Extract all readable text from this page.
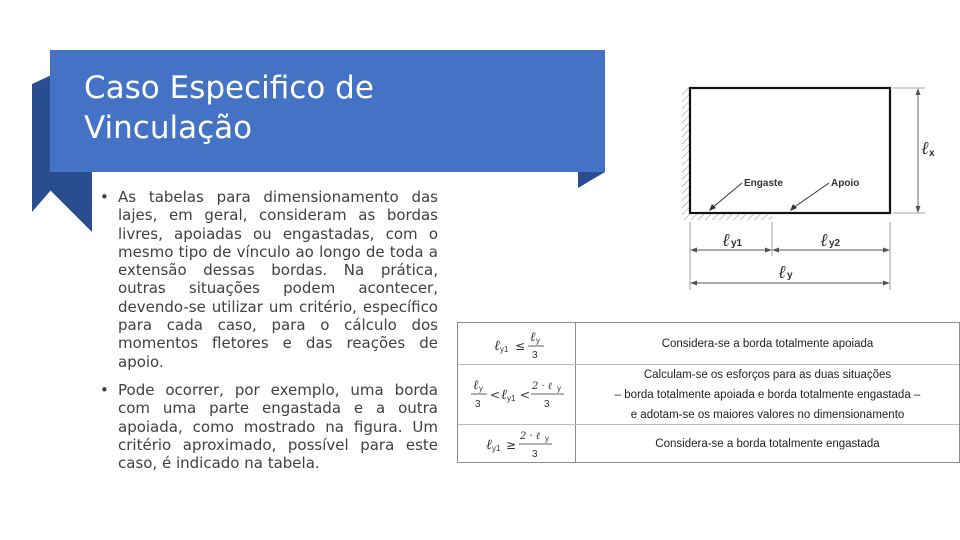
Caso Especifico de
Vinculação
• As tabelas para dimensionamento das lajes, em geral, consideram as bordas livres, apoiadas ou engastadas, com o mesmo tipo de vínculo ao longo de toda a extensão dessas bordas. Na prática, outras situações podem acontecer, devendo-se utilizar um critério, específico para cada caso, para o cálculo dos momentos fletores e das reações de apoio.
• Pode ocorrer, por exemplo, uma borda com uma parte engastada e a outra apoiada, como mostrado na figura. Um critério aproximado, possível para este caso, é indicado na tabela.
ℓ x
Engaste	Apoio
ℓ y1	ℓ y2
ℓ y
ℓ y1 ≤
ℓ y
3
Considera-se a borda totalmente apoiada
ℓ y
3
< ℓ y1 <
2 · ℓ y
3
Calculam-se os esforços para as duas situações
– borda totalmente apoiada e borda totalmente engastada –
e adotam-se os maiores valores no dimensionamento
ℓ y1 ≥
2 · ℓ y
3
Considera-se a borda totalmente engastada
